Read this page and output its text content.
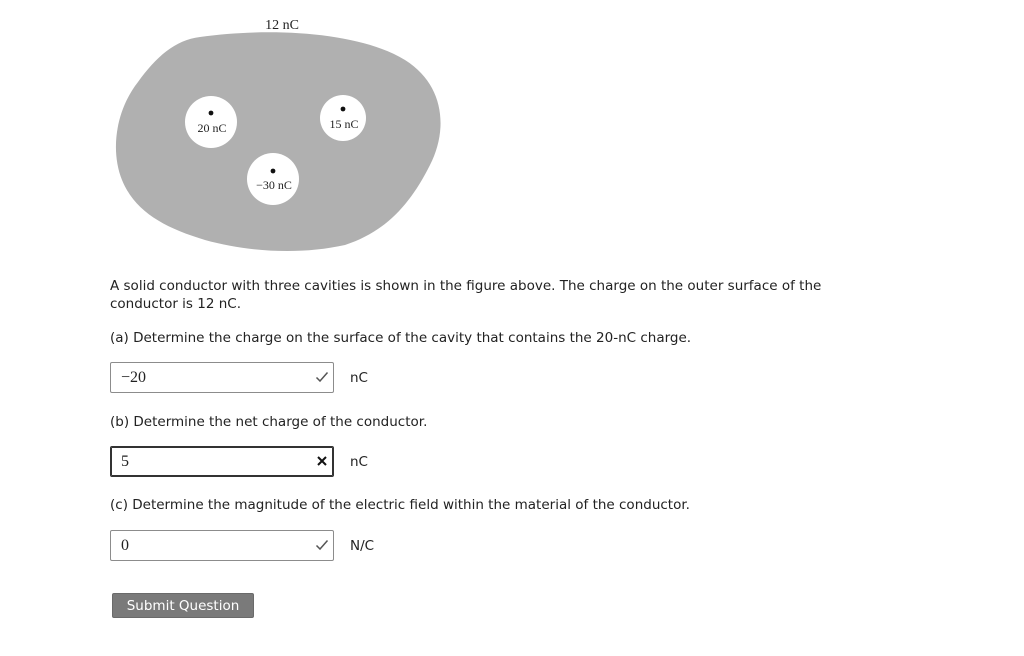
12 nC
20 nC	15 nC
−30 nC

A solid conductor with three cavities is shown in the figure above. The charge on the outer surface of the conductor is 12 nC.

(a) Determine the charge on the surface of the cavity that contains the 20-nC charge.

−20
nC

(b) Determine the net charge of the conductor.

5
nC

(c) Determine the magnitude of the electric field within the material of the conductor.

0
N/C
Submit Question
